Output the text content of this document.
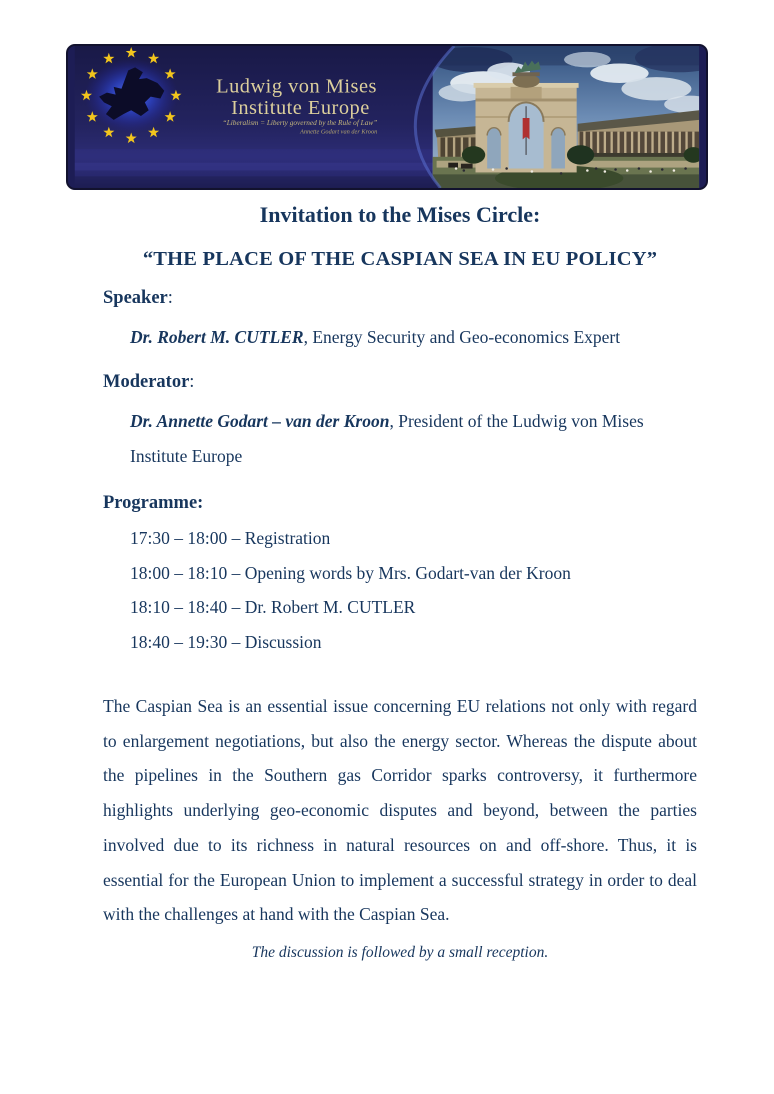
Ludwig von Mises
Institute Europe
“Liberalism = Liberty governed by the Rule of Law”
Annette Godart van der Kroon

Invitation to the Mises Circle:

“THE PLACE OF THE CASPIAN SEA IN EU POLICY”

Speaker:

Dr. Robert M. CUTLER, Energy Security and Geo-economics Expert

Moderator:

Dr. Annette Godart – van der Kroon, President of the Ludwig von Mises Institute Europe

Programme:

17:30 – 18:00 – Registration

18:00 – 18:10 – Opening words by Mrs. Godart-van der Kroon

18:10 – 18:40 – Dr. Robert M. CUTLER

18:40 – 19:30 – Discussion

The Caspian Sea is an essential issue concerning EU relations not only with regard to enlargement negotiations, but also the energy sector. Whereas the dispute about the pipelines in the Southern gas Corridor sparks controversy, it furthermore highlights underlying geo-economic disputes and beyond, between the parties involved due to its richness in natural resources on and off-shore. Thus, it is essential for the European Union to implement a successful strategy in order to deal with the challenges at hand with the Caspian Sea.

The discussion is followed by a small reception.
